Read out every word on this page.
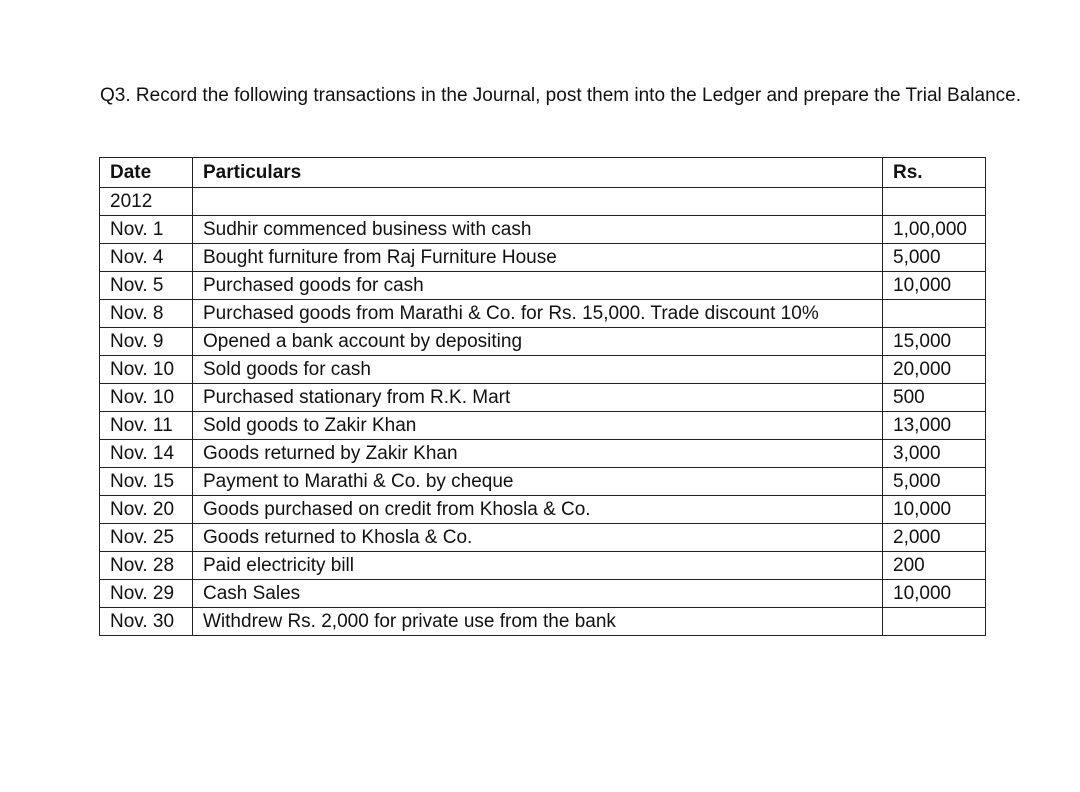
Q3. Record the following transactions in the Journal, post them into the Ledger and prepare the Trial Balance.

Date	Particulars	Rs.
2012		
Nov. 1	Sudhir commenced business with cash	1,00,000
Nov. 4	Bought furniture from Raj Furniture House	5,000
Nov. 5	Purchased goods for cash	10,000
Nov. 8	Purchased goods from Marathi & Co. for Rs. 15,000. Trade discount 10%	
Nov. 9	Opened a bank account by depositing	15,000
Nov. 10	Sold goods for cash	20,000
Nov. 10	Purchased stationary from R.K. Mart	500
Nov. 11	Sold goods to Zakir Khan	13,000
Nov. 14	Goods returned by Zakir Khan	3,000
Nov. 15	Payment to Marathi & Co. by cheque	5,000
Nov. 20	Goods purchased on credit from Khosla & Co.	10,000
Nov. 25	Goods returned to Khosla & Co.	2,000
Nov. 28	Paid electricity bill	200
Nov. 29	Cash Sales	10,000
Nov. 30	Withdrew Rs. 2,000 for private use from the bank	
